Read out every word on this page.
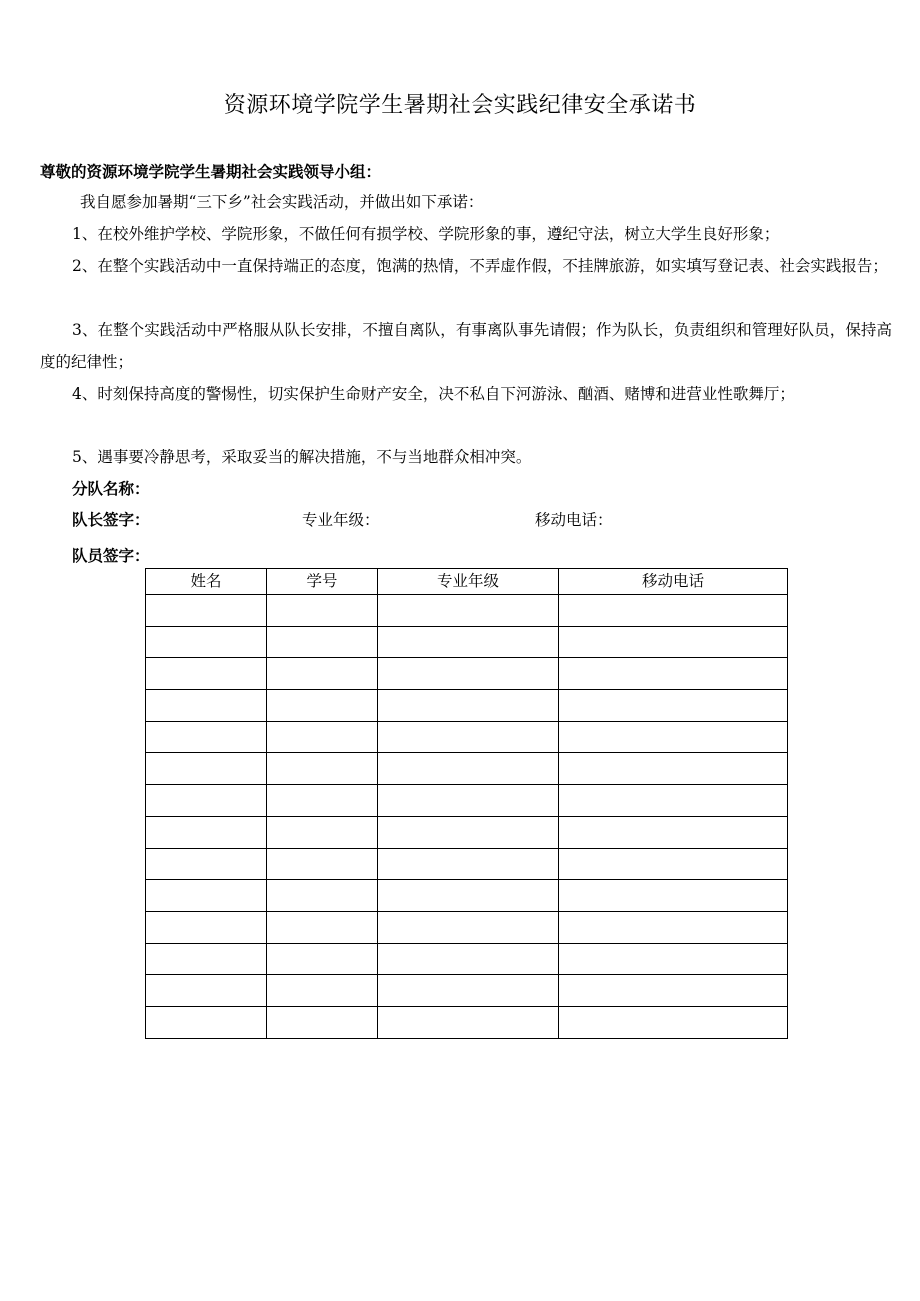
资源环境学院学生暑期社会实践纪律安全承诺书
尊敬的资源环境学院学生暑期社会实践领导小组：
我自愿参加暑期“三下乡”社会实践活动，并做出如下承诺：
1、在校外维护学校、学院形象，不做任何有损学校、学院形象的事，遵纪守法，树立大学生良好形象；
2、在整个实践活动中一直保持端正的态度，饱满的热情，不弄虚作假，不挂牌旅游，如实填写登记表、社会实践报告；
3、在整个实践活动中严格服从队长安排，不擅自离队，有事离队事先请假；作为队长，负责组织和管理好队员，保持高度的纪律性；
4、时刻保持高度的警惕性，切实保护生命财产安全，决不私自下河游泳、酗酒、赌博和进营业性歌舞厅；
5、遇事要冷静思考，采取妥当的解决措施，不与当地群众相冲突。
分队名称：
队长签字：	专业年级：	移动电话：
队员签字：
姓名	学号	专业年级	移动电话
